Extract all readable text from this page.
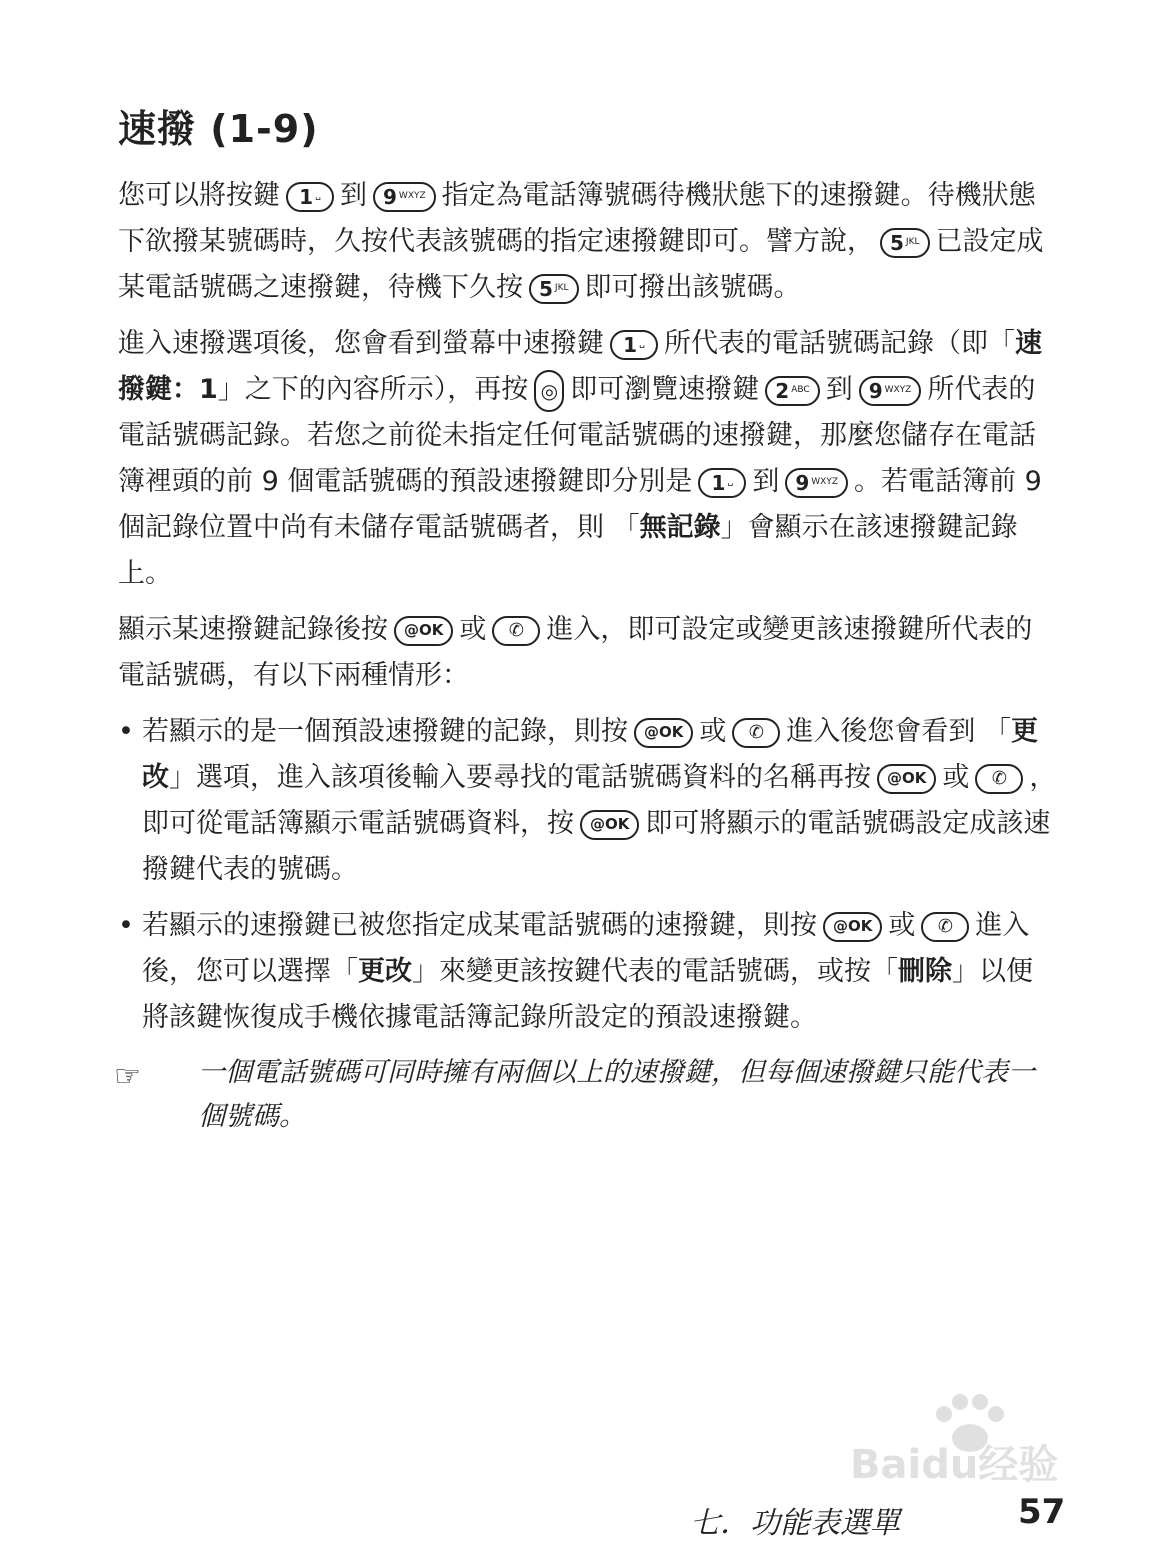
速撥 (1-9)

您可以將按鍵 1 ␣ 到 9 WXYZ 指定為電話簿號碼待機狀態下的速撥鍵。待機狀態下欲撥某號碼時，久按代表該號碼的指定速撥鍵即可。譬方說， 5 JKL 已設定成某電話號碼之速撥鍵，待機下久按 5 JKL 即可撥出該號碼。

進入速撥選項後，您會看到螢幕中速撥鍵 1 ␣ 所代表的電話號碼記錄（即「速撥鍵：1」之下的內容所示），再按 ◎ 即可瀏覽速撥鍵 2 ABC 到 9 WXYZ 所代表的電話號碼記錄。若您之前從未指定任何電話號碼的速撥鍵，那麼您儲存在電話簿裡頭的前 9 個電話號碼的預設速撥鍵即分別是 1 ␣ 到 9 WXYZ 。若電話簿前 9 個記錄位置中尚有未儲存電話號碼者，則 「無記錄」會顯示在該速撥鍵記錄上。

顯示某速撥鍵記錄後按 @OK 或 ✆ 進入，即可設定或變更該速撥鍵所代表的電話號碼，有以下兩種情形：

• 若顯示的是一個預設速撥鍵的記錄，則按 @OK 或 ✆ 進入後您會看到 「更改」選項，進入該項後輸入要尋找的電話號碼資料的名稱再按 @OK 或 ✆ ，即可從電話簿顯示電話號碼資料，按 @OK 即可將顯示的電話號碼設定成該速撥鍵代表的號碼。
• 若顯示的速撥鍵已被您指定成某電話號碼的速撥鍵，則按 @OK 或 ✆ 進入後，您可以選擇「更改」來變更該按鍵代表的電話號碼，或按「刪除」以便將該鍵恢復成手機依據電話簿記錄所設定的預設速撥鍵。
☞ 一個電話號碼可同時擁有兩個以上的速撥鍵，但每個速撥鍵只能代表一個號碼。
Baidu经验
七．功能表選單	57
